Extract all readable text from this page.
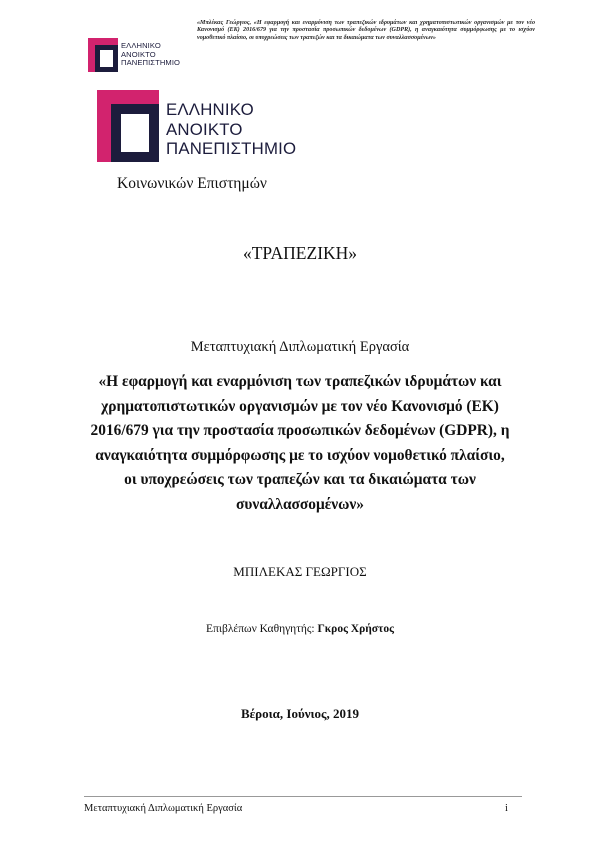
ΕΛΛΗΝΙΚΟ
ΑΝΟΙΚΤΟ
ΠΑΝΕΠΙΣΤΗΜΙΟ
«Μπλέκας Γεώργιος, «Η εφαρμογή και εναρμόνιση των τραπεζικών ιδρυμάτων και χρηματοπιστωτικών οργανισμών με τον νέο Κανονισμό (ΕΚ) 2016/679 για την προστασία προσωπικών δεδομένων (GDPR), η αναγκαιότητα συμμόρφωσης με το ισχύον νομοθετικό πλαίσιο, οι υποχρεώσεις των τραπεζών και τα δικαιώματα των συναλλασσομένων»
ΕΛΛΗΝΙΚΟ
ΑΝΟΙΚΤΟ
ΠΑΝΕΠΙΣΤΗΜΙΟ
Κοινωνικών Επιστημών
«ΤΡΑΠΕΖΙΚΗ»
Μεταπτυχιακή Διπλωματική Εργασία
«Η εφαρμογή και εναρμόνιση των τραπεζικών ιδρυμάτων και
χρηματοπιστωτικών οργανισμών με τον νέο Κανονισμό (ΕΚ)
2016/679 για την προστασία προσωπικών δεδομένων (GDPR), η
αναγκαιότητα συμμόρφωσης με το ισχύον νομοθετικό πλαίσιο,
οι υποχρεώσεις των τραπεζών και τα δικαιώματα των
συναλλασσομένων»
ΜΠΙΛΕΚΑΣ ΓΕΩΡΓΙΟΣ
Επιβλέπων Καθηγητής: Γκρος Χρήστος
Βέροια, Ιούνιος, 2019
Μεταπτυχιακή Διπλωματική Εργασία	i
